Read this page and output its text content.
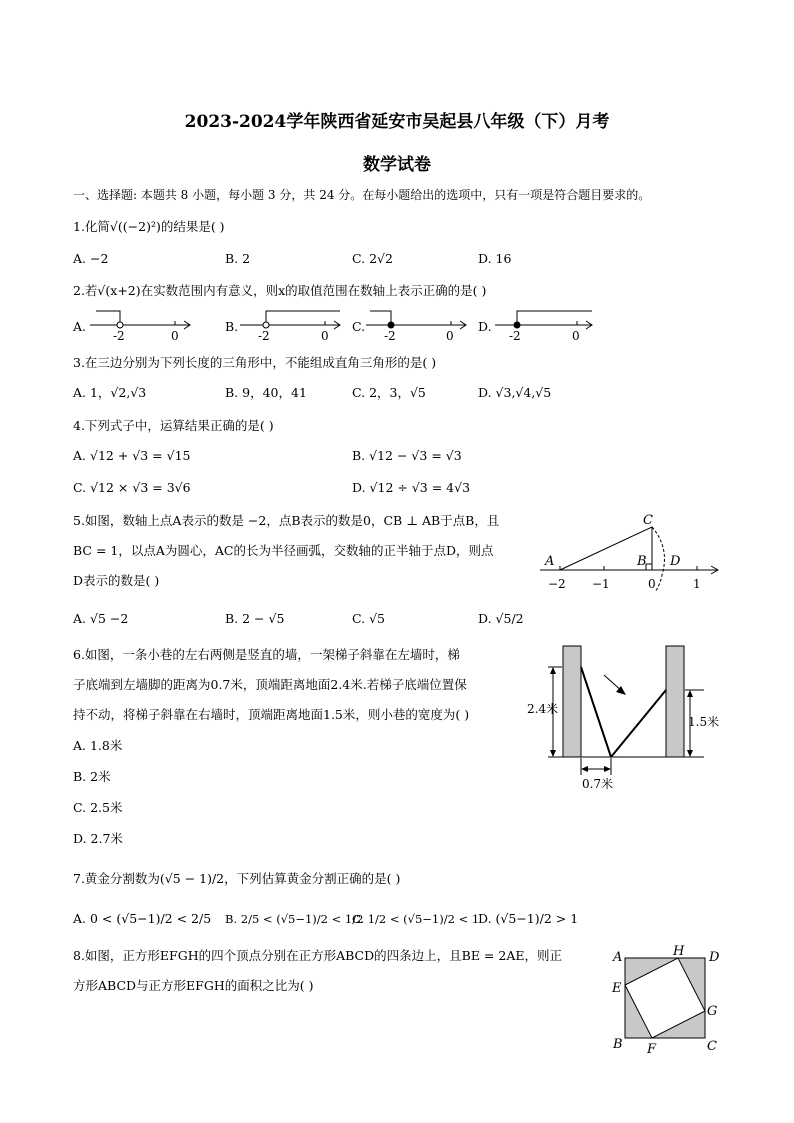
2023-2024学年陕西省延安市吴起县八年级（下）月考
数学试卷
一、选择题: 本题共 8 小题，每小题 3 分，共 24 分。在每小题给出的选项中，只有一项是符合题目要求的。
1.化简√((−2)²)的结果是( )
A. −2	B. 2	C. 2√2	D. 16
2.若√(x+2)在实数范围内有意义，则x的取值范围在数轴上表示正确的是( )
A.	B.	C.	D.
-2	0	-2	0	-2	0	-2	0
A	B
C
D
−2 −1	0	1
2.4米
1.5米
0.7米
A	D
B	C
E
H
G
F
3.在三边分别为下列长度的三角形中，不能组成直角三角形的是( )
A. 1，√2,√3	B. 9，40，41	C. 2，3，√5	D. √3,√4,√5
4.下列式子中，运算结果正确的是( )
A. √12 + √3 = √15	B. √12 − √3 = √3
C. √12 × √3 = 3√6	D. √12 ÷ √3 = 4√3
5.如图，数轴上点A表示的数是 −2，点B表示的数是0，CB ⊥ AB于点B，且
BC = 1，以点A为圆心，AC的长为半径画弧，交数轴的正半轴于点D，则点
D表示的数是( )
A. √5 −2	B. 2 − √5	C. √5	D. √5/2
6.如图，一条小巷的左右两侧是竖直的墙，一架梯子斜靠在左墙时，梯
子底端到左墙脚的距离为0.7米，顶端距离地面2.4米.若梯子底端位置保
持不动，将梯子斜靠在右墙时，顶端距离地面1.5米，则小巷的宽度为( )
A. 1.8米
B. 2米
C. 2.5米
D. 2.7米
7.黄金分割数为(√5 − 1)/2，下列估算黄金分割正确的是( )
A. 0 < (√5−1)/2 < 2/5 B. 2/5 < (√5−1)/2 < 1/2
C. 1/2 < (√5−1)/2 < 1
D. (√5−1)/2 > 1
8.如图，正方形EFGH的四个顶点分别在正方形ABCD的四条边上，且BE = 2AE，则正
方形ABCD与正方形EFGH的面积之比为( )
